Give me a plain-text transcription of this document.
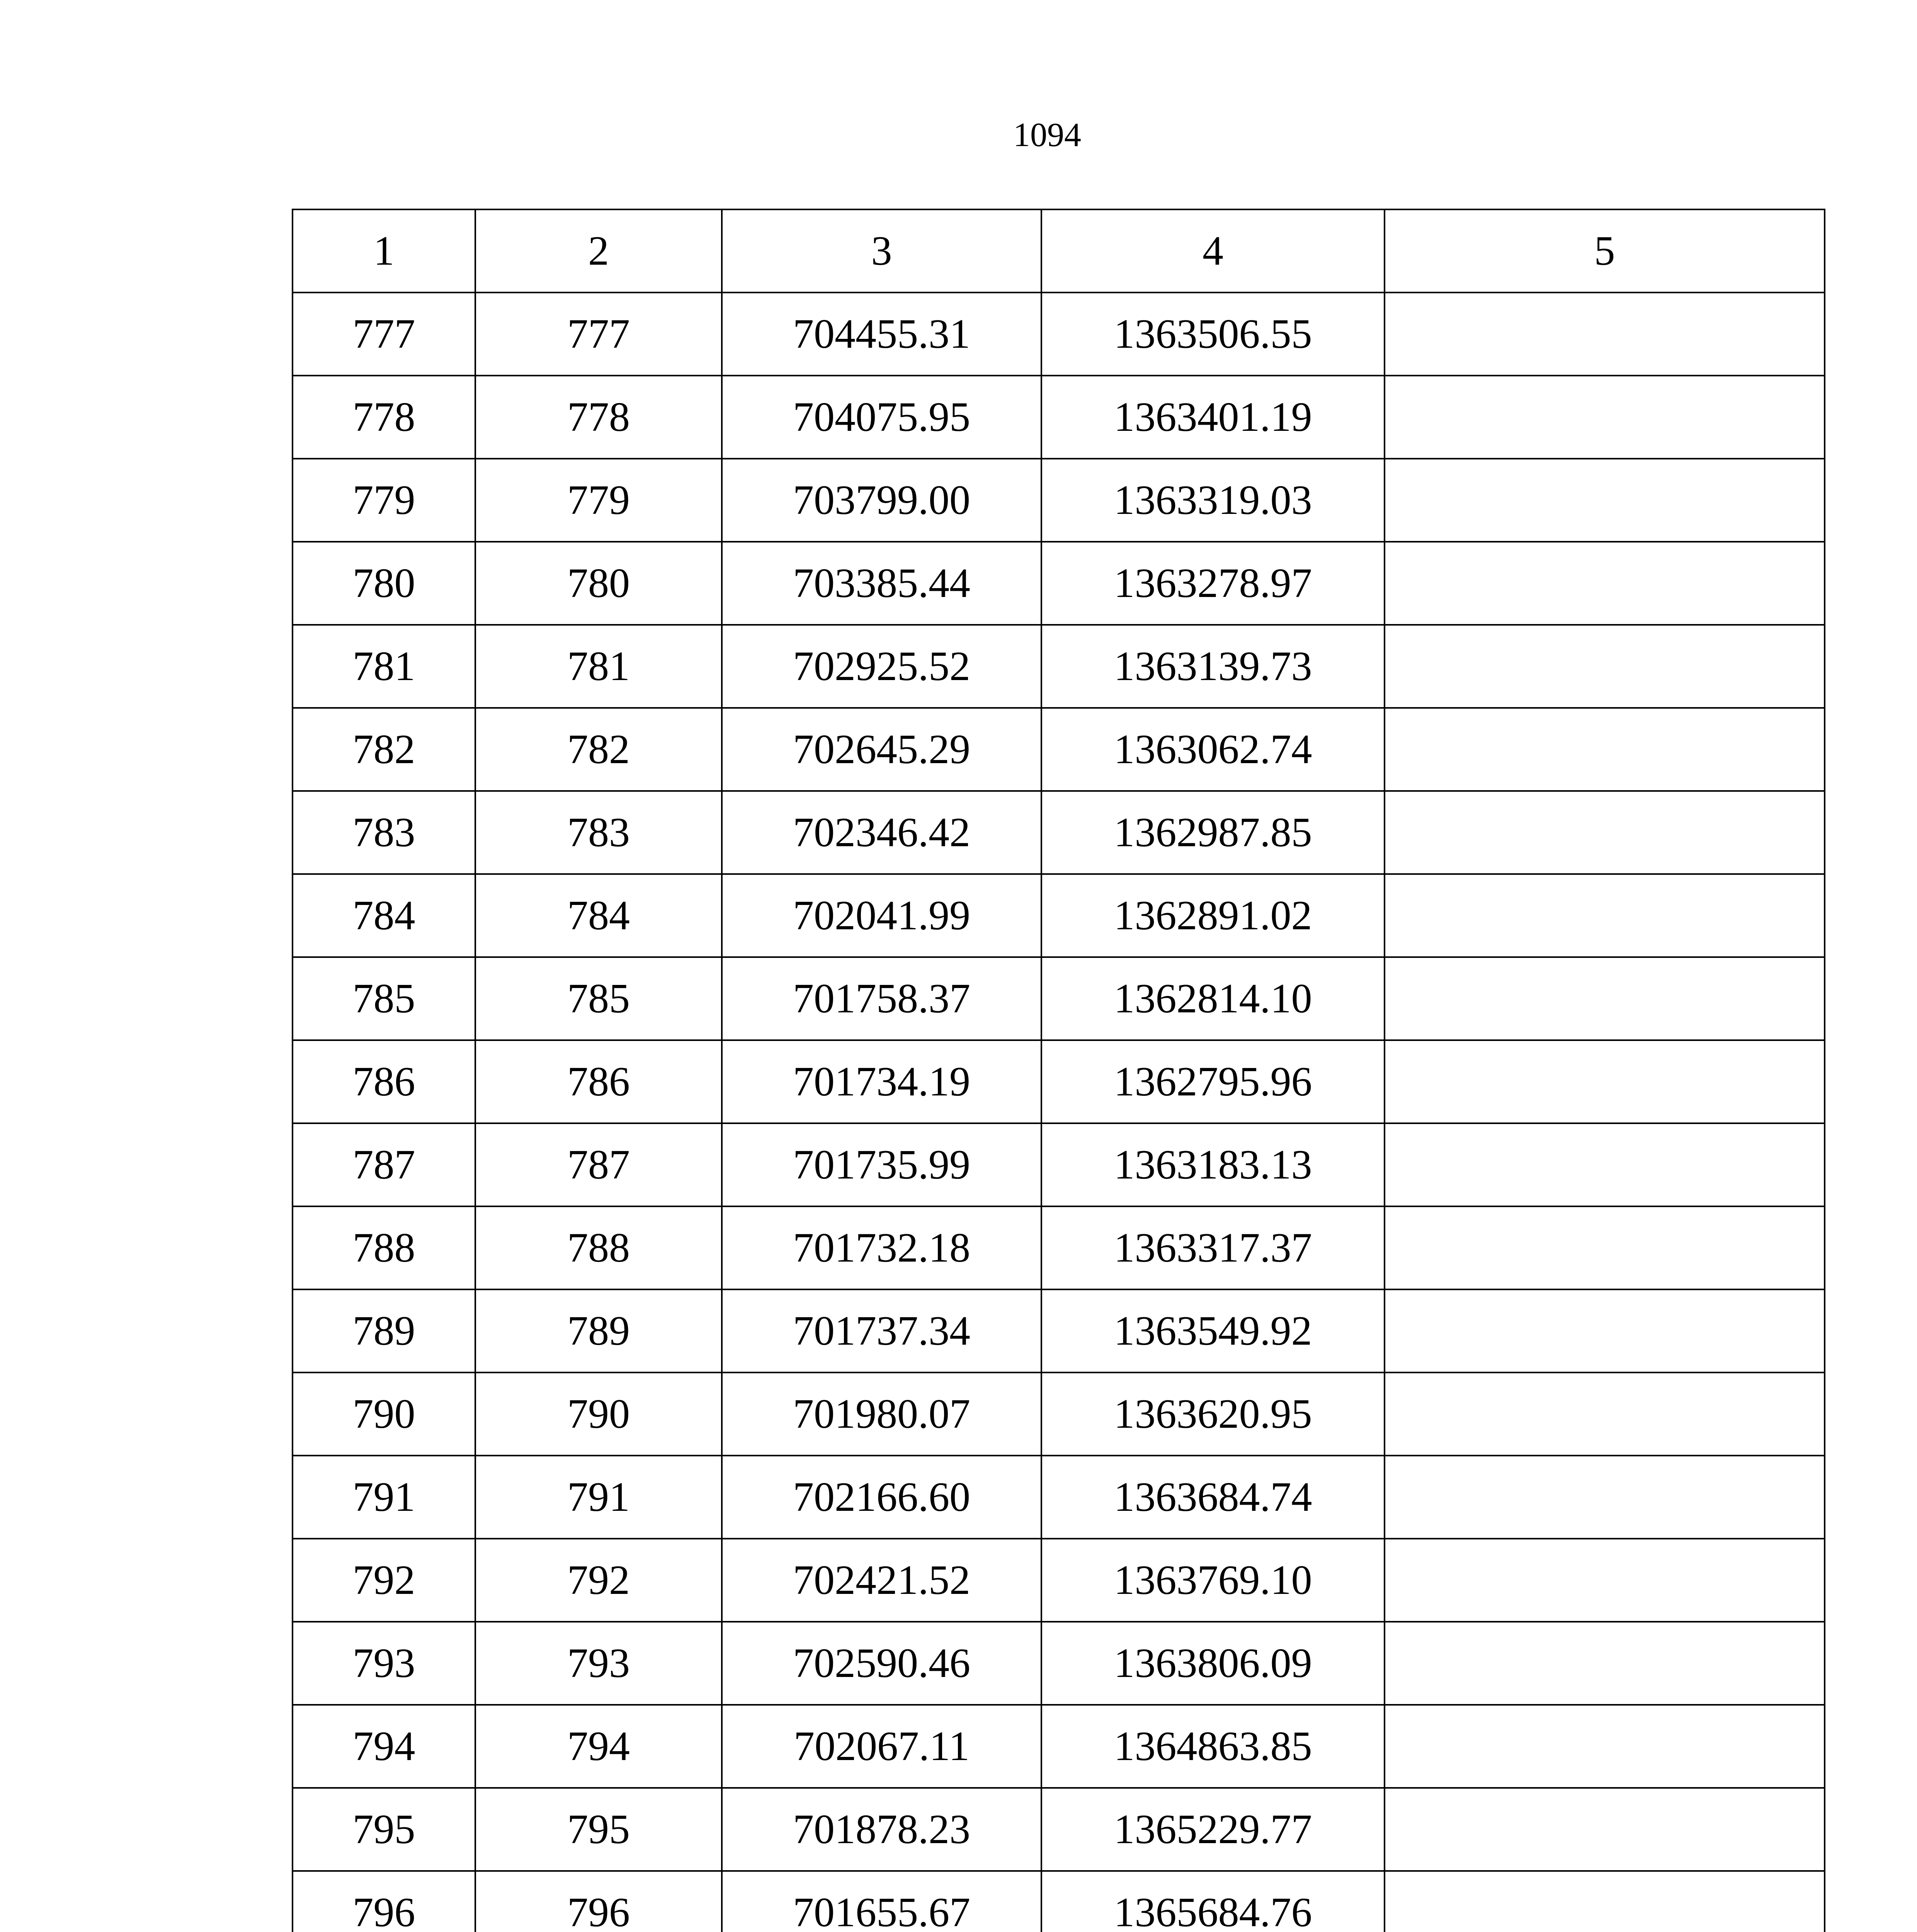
1094
1	2	3	4	5
777	777	704455.31	1363506.55	
778	778	704075.95	1363401.19	
779	779	703799.00	1363319.03	
780	780	703385.44	1363278.97	
781	781	702925.52	1363139.73	
782	782	702645.29	1363062.74	
783	783	702346.42	1362987.85	
784	784	702041.99	1362891.02	
785	785	701758.37	1362814.10	
786	786	701734.19	1362795.96	
787	787	701735.99	1363183.13	
788	788	701732.18	1363317.37	
789	789	701737.34	1363549.92	
790	790	701980.07	1363620.95	
791	791	702166.60	1363684.74	
792	792	702421.52	1363769.10	
793	793	702590.46	1363806.09	
794	794	702067.11	1364863.85	
795	795	701878.23	1365229.77	
796	796	701655.67	1365684.76	
